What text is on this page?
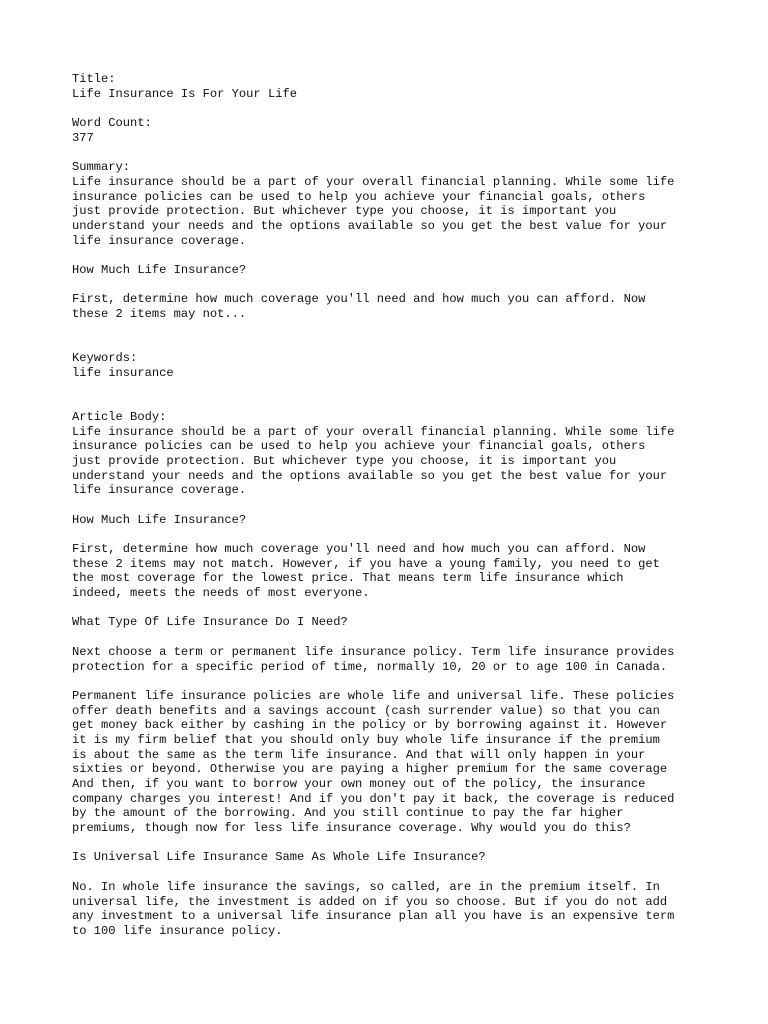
Title:
Life Insurance Is For Your Life
Word Count:
377
Summary:
Life insurance should be a part of your overall financial planning. While some life
insurance policies can be used to help you achieve your financial goals, others
just provide protection. But whichever type you choose, it is important you
understand your needs and the options available so you get the best value for your
life insurance coverage.
How Much Life Insurance?
First, determine how much coverage you'll need and how much you can afford. Now
these 2 items may not...
Keywords:
life insurance
Article Body:
Life insurance should be a part of your overall financial planning. While some life
insurance policies can be used to help you achieve your financial goals, others
just provide protection. But whichever type you choose, it is important you
understand your needs and the options available so you get the best value for your
life insurance coverage.
How Much Life Insurance?
First, determine how much coverage you'll need and how much you can afford. Now
these 2 items may not match. However, if you have a young family, you need to get
the most coverage for the lowest price. That means term life insurance which
indeed, meets the needs of most everyone.
What Type Of Life Insurance Do I Need?
Next choose a term or permanent life insurance policy. Term life insurance provides
protection for a specific period of time, normally 10, 20 or to age 100 in Canada.
Permanent life insurance policies are whole life and universal life. These policies
offer death benefits and a savings account (cash surrender value) so that you can
get money back either by cashing in the policy or by borrowing against it. However
it is my firm belief that you should only buy whole life insurance if the premium
is about the same as the term life insurance. And that will only happen in your
sixties or beyond. Otherwise you are paying a higher premium for the same coverage
And then, if you want to borrow your own money out of the policy, the insurance
company charges you interest! And if you don't pay it back, the coverage is reduced
by the amount of the borrowing. And you still continue to pay the far higher
premiums, though now for less life insurance coverage. Why would you do this?
Is Universal Life Insurance Same As Whole Life Insurance?
No. In whole life insurance the savings, so called, are in the premium itself. In
universal life, the investment is added on if you so choose. But if you do not add
any investment to a universal life insurance plan all you have is an expensive term
to 100 life insurance policy.
